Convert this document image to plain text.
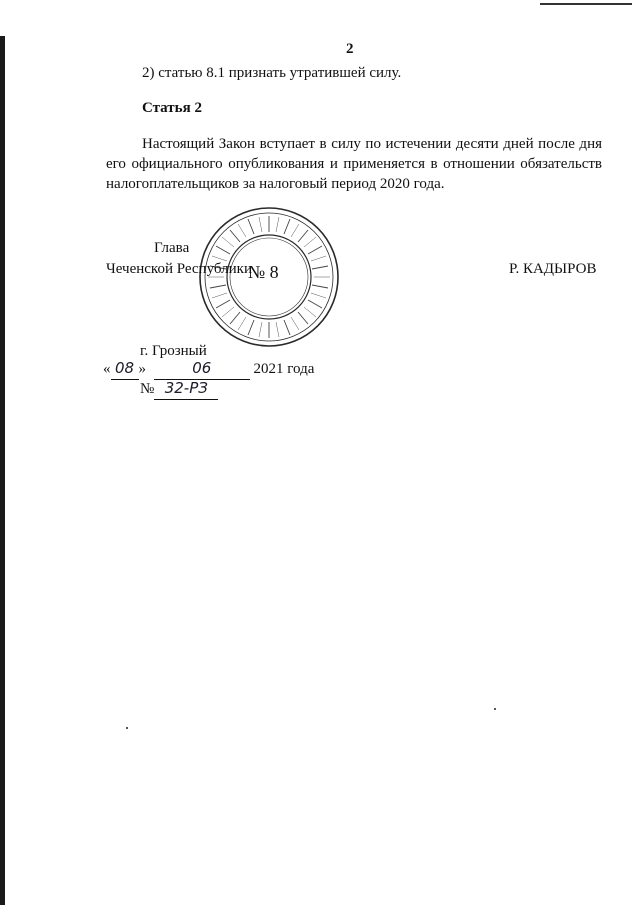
2
2) статью 8.1 признать утратившей силу.
Статья 2
Настоящий Закон вступает в силу по истечении десяти дней после дня
его официального опубликования и применяется в отношении обязательств
налогоплательщиков за налоговый период 2020 года.
Глава
Чеченской Республики
№ 8	Р. КАДЫРОВ
г. Грозный
« 08 »	06	2021 года
№ 32-РЗ
